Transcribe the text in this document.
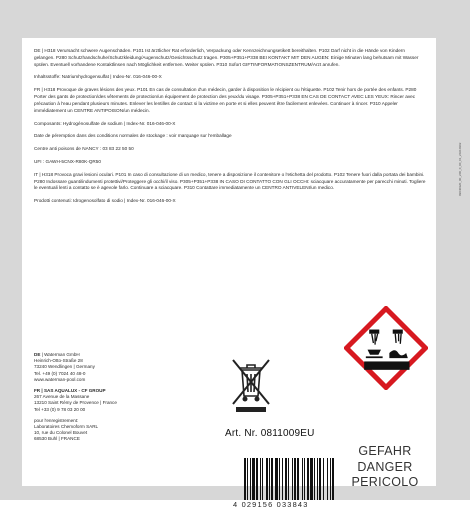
DE | H318 Verursacht schwere Augenschäden. P101 Ist ärztlicher Rat erforderlich, Verpackung oder Kennzeichnungsetikett bereithalten. P102 Darf nicht in die Hände von Kindern gelangen. P280 Schutzhandschuhe/Schutzkleidung/Augenschutz/Gesichtsschutz tragen. P305+P351+P338 BEI KONTAKT MIT DEN AUGEN: Einige Minuten lang behutsam mit Wasser spülen. Eventuell vorhandene Kontaktlinsen nach Möglichkeit entfernen. Weiter spülen. P310 Sofort GIFTINFORMATIONSZENTRUM/Arzt anrufen.

Inhaltsstoffe: Natriumhydrogensulfat | Index-Nr. 016-046-00-X

FR | H318 Provoque de graves lésions des yeux. P101 En cas de consultation d'un médecin, garder à disposition le récipient ou l'étiquette. P102 Tenir hors de portée des enfants. P280 Porter des gants de protection/des vêtements de protection/un équipement de protection des yeux/du visage. P305+P351+P338 EN CAS DE CONTACT AVEC LES YEUX: Rincer avec précaution à l'eau pendant plusieurs minutes. Enlever les lentilles de contact si la victime en porte et si elles peuvent être facilement enlevées. Continuer à rincer. P310 Appeler immédiatement un CENTRE ANTIPOISON/un médecin.

Composants: Hydrogénosulfate de sodium | Index-Nr. 016-046-00-X

Date de péremption dans des conditions normales de stockage : voir marquage sur l'emballage

Centre anti poisons de NANCY : 03 83 22 50 50

UFI : GAWH-5CNX-R80K-QR50

IT | H318 Provoca gravi lesioni oculari. P101 In caso di consultazione di un medico, tenere a disposizione il contenitore o l'etichetta del prodotto. P102 Tenere fuori dalla portata dei bambini. P280 Indossare guanti/indumenti protettivi/Proteggere gli occhi/il viso. P305+P351+P338 IN CASO DI CONTATTO CON GLI OCCHI: sciacquare accuratamente per parecchi minuti. Togliere le eventuali lenti a contatto se è agevole farlo. Continuare a sciacquare. P310 Contattare immediatamente un CENTRO ANTIVELENI/un medico.

Prodotti contenuti: Idrogenosolfato di sodio | Index-Nr. 016-046-00-X

DE | Waterman GmbH

Heinrich-Otto-Straße 28

73240 Wendlingen | Germany

Tel. +49 (0) 7024 40 48-0

www.waterman-pool.com

FR | SAS AQUALUX - CF GROUP

267 Avenue de la Massane

13210 Saint Rémy de Provence | France

Tel +33 (0) 9 78 03 20 00

pour l'enregistrement:

Laboratoires Chemoform SARL

10, rue du Colonel Bouvet

68530 Buhl | FRANCE	Art. Nr. 0811009EU
GEFAHR
DANGER
PERICOLO
4 029156 033843
09040920_00_200_0_00_01_20210902
